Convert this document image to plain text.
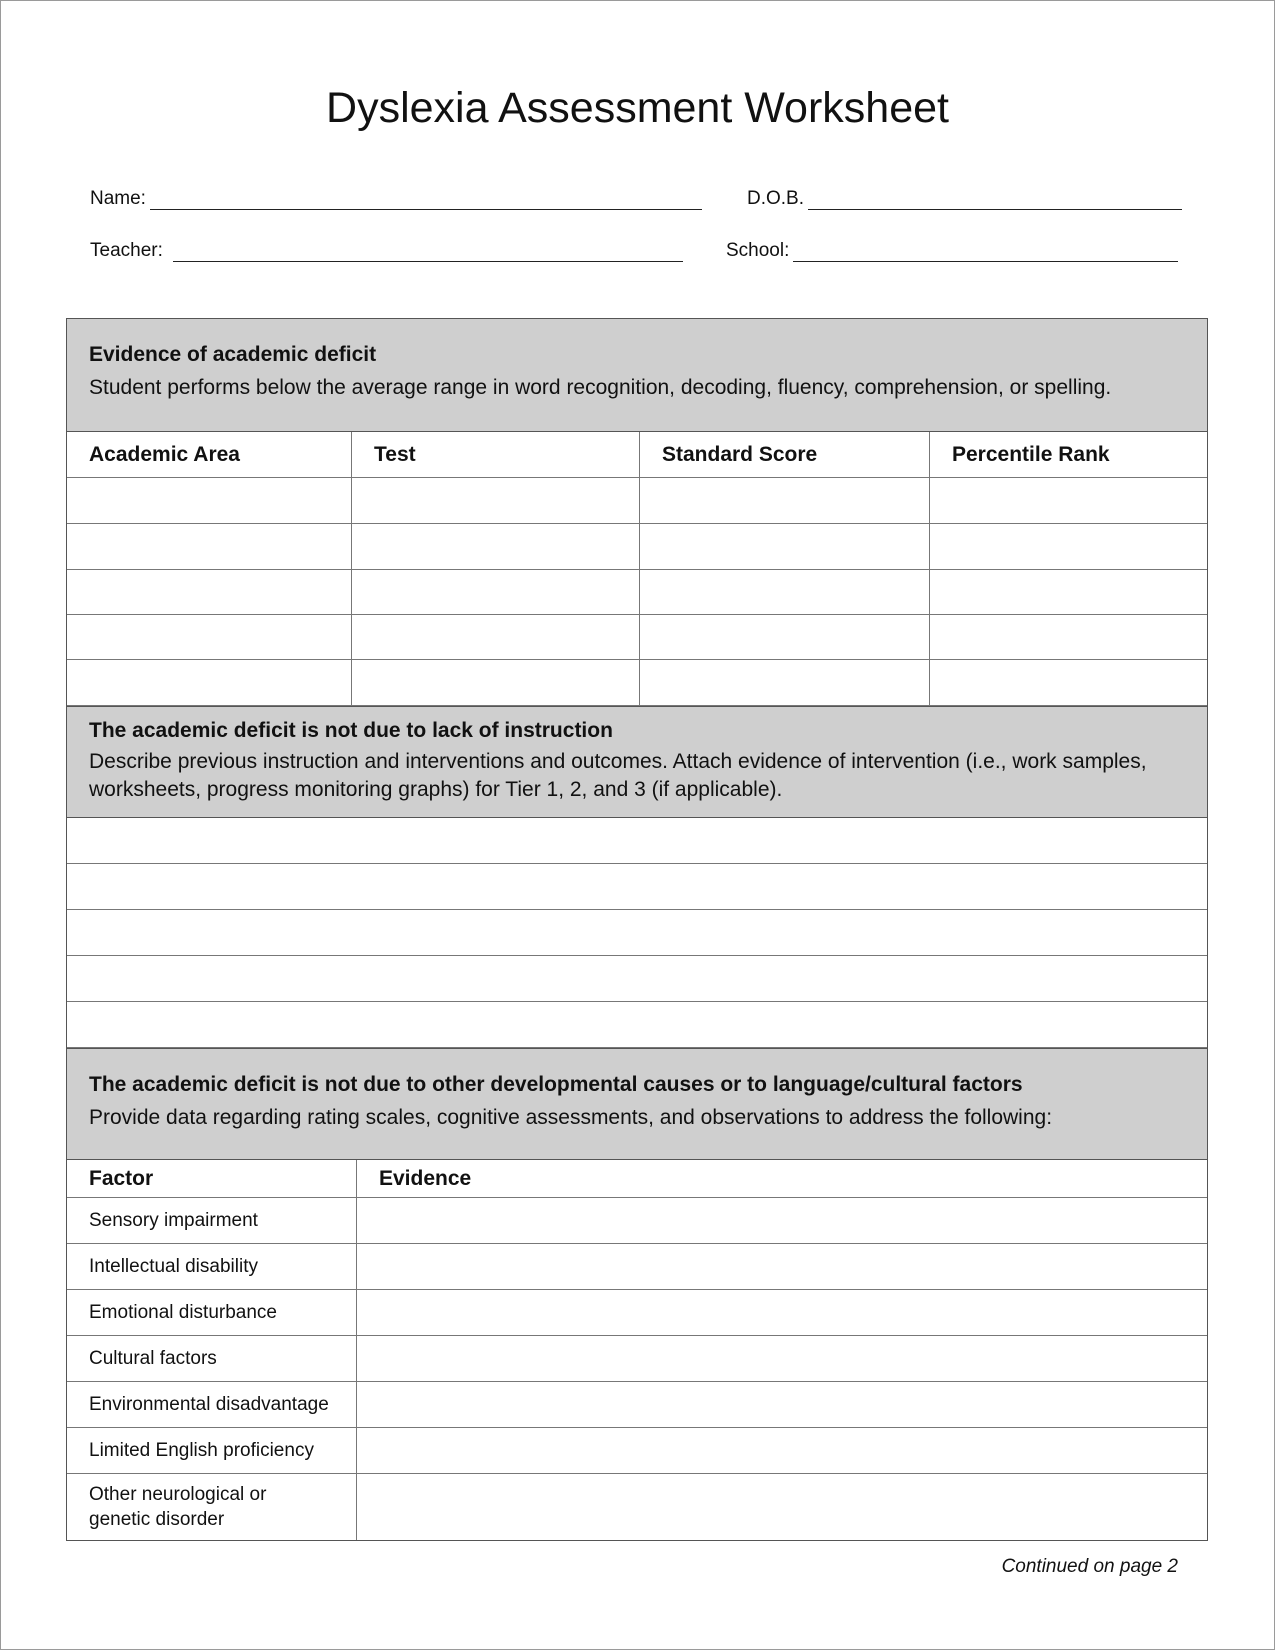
Dyslexia Assessment Worksheet
Name:	D.O.B.
Teacher:	School:
Evidence of academic deficit
Student performs below the average range in word recognition, decoding, fluency, comprehension, or spelling.
Academic Area	Test	Standard Score	Percentile Rank
The academic deficit is not due to lack of instruction
Describe previous instruction and interventions and outcomes. Attach evidence of intervention (i.e., work samples,
worksheets, progress monitoring graphs) for Tier 1, 2, and 3 (if applicable).
The academic deficit is not due to other developmental causes or to language/cultural factors
Provide data regarding rating scales, cognitive assessments, and observations to address the following:
Factor	Evidence
Sensory impairment
Intellectual disability
Emotional disturbance
Cultural factors
Environmental disadvantage
Limited English proficiency
Other neurological or genetic disorder
Continued on page 2
